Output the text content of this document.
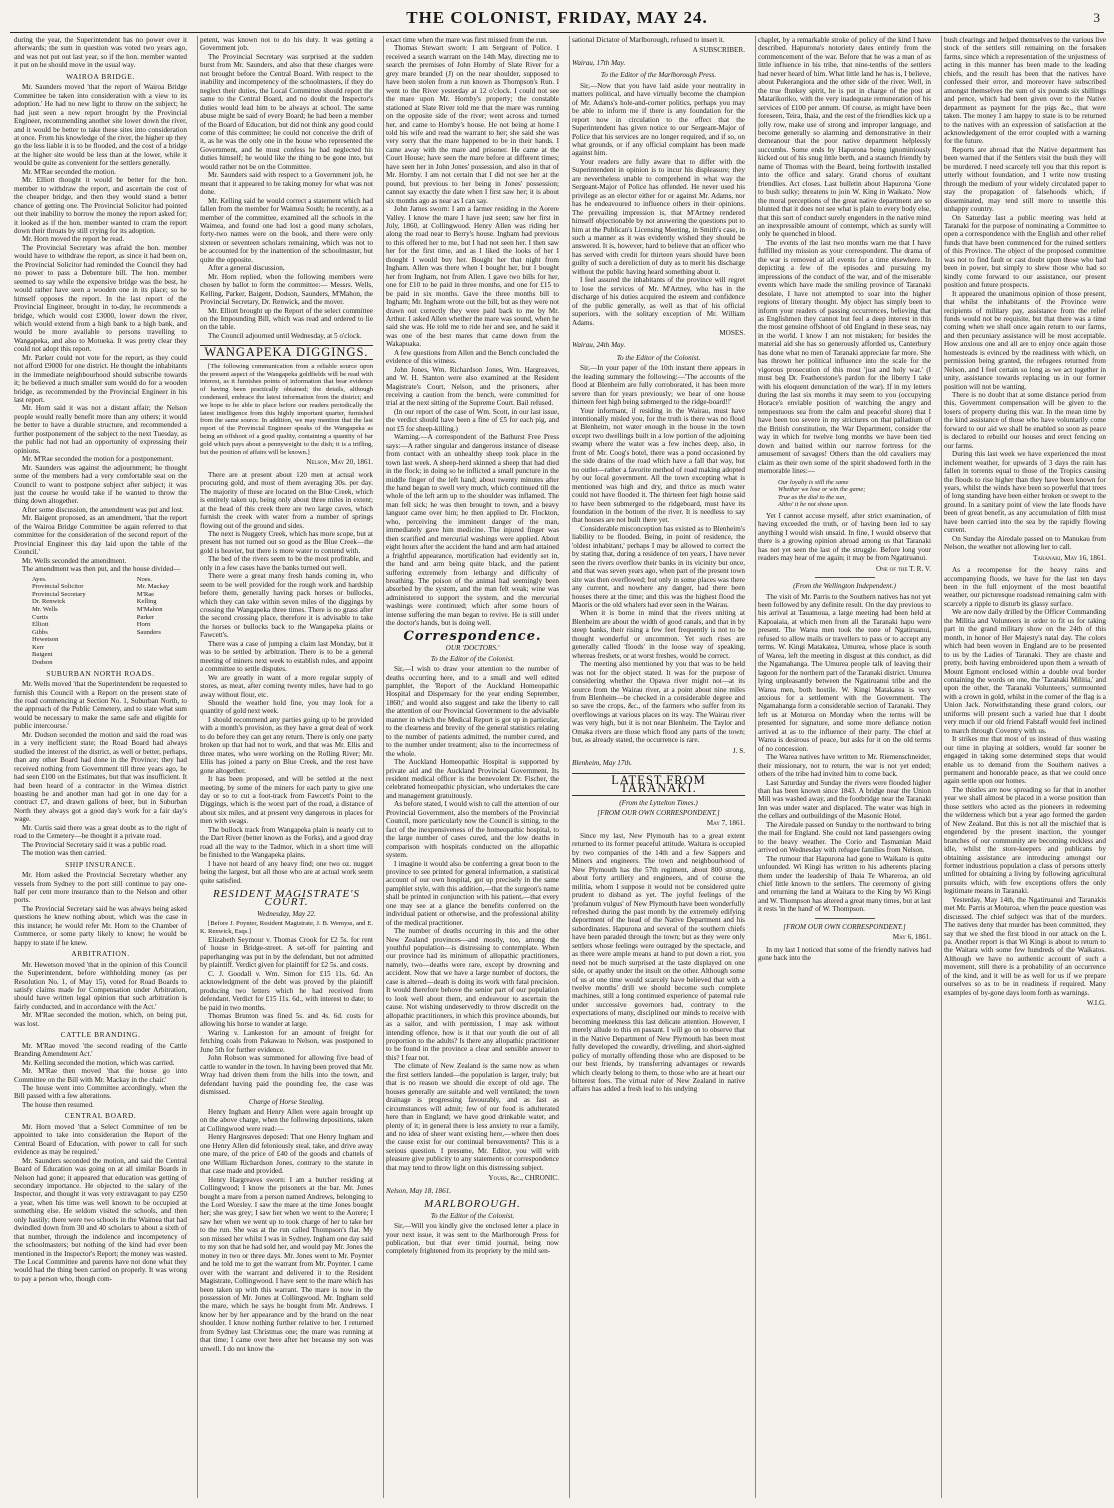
THE COLONIST, FRIDAY, MAY 24.	3

during the year, the Superintendent has no power over it afterwards; the sum in question was voted two years ago, and was not put out last year, so if the hon. member wanted it put on he should move in the usual way.

WAIROA BRIDGE.

Mr. Saunders moved 'that the report of Wairoa Bridge Committee be taken into consideration with a view to its adoption.' He had no new light to throw on the subject; he had just seen a new report brought by the Provincial Engineer, recommending another site lower down the river, and it would be better to take these sites into consideration at once. From his knowledge of the river, the higher up they go the less liable it is to be flooded, and the cost of a bridge at the higher site would be less than at the lower, while it would be quite as convenient for the settlers generally.

Mr. M'Rae seconded the motion.

Mr. Elliott thought it would be better for the hon. member to withdraw the report, and ascertain the cost of the cheaper bridge, and then they would stand a better chance of getting one. The Provincial Solicitor had pointed out their inability to borrow the money the report asked for; it looked as if the hon. member wanted to cram the report down their throats by still crying for its adoption.

Mr. Horn moved the report be read.

The Provincial Secretary was afraid the hon. member would have to withdraw the report, as since it had been on, the Provincial Solicitor had reminded the Council they had no power to pass a Debenture bill. The hon. member seemed to say while the expensive bridge was the best, he would rather have seen a wooden one in its place; so he himself opposes the report. In the last report of the Provincial Engineer, brought in to-day, he recommends a bridge, which would cost £3000, lower down the river, which would extend from a high bank to a high bank, and would be more available to persons travelling to Wangapeka, and also to Motueka. It was pretty clear they could not adopt this report.

Mr. Parker could not vote for the report, as they could not afford £9000 for one district. He thought the inhabitants in the immediate neighbourhood should subscribe towards it; he believed a much smaller sum would do for a wooden bridge, as recommended by the Provincial Engineer in his last report.

Mr. Horn said it was not a distant affair; the Nelson people would really benefit more than any others; it would be better to have a durable structure, and recommended a further postponement of the subject to the next Tuesday, as the public had not had an opportunity of expressing their opinions.

Mr. M'Rae seconded the motion for a postponement.

Mr. Saunders was against the adjournment; he thought some of the members had a very comfortable seat on the Council to want to postpone subject after subject; it was just the course he would take if he wanted to throw the thing down altogether.

After some discussion, the amendment was put and lost.

Mr. Baigent proposed, as an amendment, 'that the report of the Wairoa Bridge Committee be again referred to that committee for the consideration of the second report of the Provincial Engineer this day laid upon the table of the Council.'

Mr. Wells seconded the amendment.

The amendment was then put, and the house divided—

Ayes.
Provincial Solicitor
Provincial Secretary
Dr. Renwick
Mr. Wells
Curtis
Elliott
Gibbs
Hewetson
Kerr
Baigent
Dodson
Noes.
Mr. Mackay
M'Rae
Kelling
M'Mahon
Parker
Horn
Saunders
SUBURBAN NORTH ROADS.

Mr. Wells moved 'that the Superintendent be requested to furnish this Council with a Report on the present state of the road commencing at Section No. 1, Suburban North, to the approach of the Public Cemetery, and to state what sum would be necessary to make the same safe and eligible for public intercourse.'

Mr. Dodson seconded the motion and said the road was in a very inefficient state; the Road Board had always studied the interest of the district, as well or better, perhaps, than any other Board had done in the Province; they had received nothing from Government till three years ago, he had seen £100 on the Estimates, but that was insufficient. It had been heard of a contractor in the Wimea district boasting he and another man had got in one day for a contract £7, and drawn gallons of beer, but in Suburban North they always got a good day's work for a fair day's wage.

Mr. Curtis said there was a great doubt as to the right of road to the Cemetery—he thought it a private road.

The Provincial Secretary said it was a public road.

The motion was then carried.

SHIP INSURANCE.

Mr. Horn asked the Provincial Secretary whether any vessels from Sydney to the port still continue to pay one-half per cent more insurance than to the Nelson and other ports.

The Provincial Secretary said he was always being asked questions he knew nothing about, which was the case in this instance; he would refer Mr. Horn to the Chamber of Commerce, or some party likely to know; he would be happy to state if he knew.

ARBITRATION.

Mr. Hewetson moved 'that in the opinion of this Council the Superintendent, before withholding money (as per Resolution No. 1, of May 15), voted for Road Boards to satisfy claims made for Compensation under Arbitration, should have written legal opinion that such arbitration is fairly conducted, and in accordance with the Act.'

Mr. M'Rae seconded the motion, which, on being put, was lost.

CATTLE BRANDING.

Mr. M'Rae moved 'the second reading of the Cattle Branding Amendment Act.'

Mr. Kelling seconded the motion, which was carried.

Mr. M'Rae then moved 'that the house go into Committee on the Bill with Mr. Mackay in the chair.'

The house went into Committee accordingly, when the Bill passed with a few alterations.

The house then resumed.

CENTRAL BOARD.

Mr. Horn moved 'that a Select Committee of ten be appointed to take into consideration the Report of the Central Board of Education, with power to call for such evidence as may be required.'

Mr. Saunders seconded the motion, and said the Central Board of Education was going on at all similar Boards in Nelson had gone; it appeared that education was getting of secondary importance. He objected to the salary of the Inspector, and thought it was very extravagant to pay £250 a year, when his time was well known to be occupied at something else. He seldom visited the schools, and then only hastily; there were two schools in the Waimea that had dwindled down from 30 and 40 scholars to about a sixth of that number, through the indolence and incompetency of the schoolmasters; but nothing of the kind had ever been mentioned in the Inspector's Report; the money was wasted. The Local Committee and parents have not done what they would had the thing been carried on properly. It was wrong to pay a person who, though com-

petent, was known not to do his duty. It was getting a Government job.

The Provincial Secretary was surprised at the sudden burst from Mr. Saunders, and also that these charges were not brought before the Central Board. With respect to the inability and incompetency of the schoolmasters, if they do neglect their duties, the Local Committee should report the same to the Central Board, and no doubt the Inspector's duties would lead him to be always at school. The same abuse might be said of every Board; he had been a member of the Board of Education, but did not think any good could come of this committee; he could not conceive the drift of it, as he was the only one in the house who represented the Government, and he must confess he had neglected his duties himself; he would like the thing to be gone into, but would rather not be on the Committee.

Mr. Saunders said with respect to a Government job, he meant that it appeared to be taking money for what was not done.

Mr. Kelling said he would correct a statement which had fallen from the member for Waimea South; he recently, as a member of the committee, examined all the schools in the Waimea, and found one had lost a good many scholars, forty-two names were on the book, and there were only sixteen or seventeen scholars remaining, which was not to be accounted for by the inattention of the schoolmaster, but quite the opposite.

After a general discussion,

Mr. Horn replied, when the following members were chosen by ballot to form the committee:— Messrs. Wells, Kelling, Parker, Baigent, Dodson, Saunders, M'Mahon, the Provincial Secretary, Dr. Renwick, and the mover.

Mr. Elliott brought up the Report of the select committee on the Impounding Bill, which was read and ordered to lie on the table.

The Council adjourned until Wednesday, at 5 o'clock.

WANGAPEKA DIGGINGS.

[The following communication from a reliable source upon the present aspect of the Wangapeka goldfields will be read with interest, as it furnishes points of information that bear evidence of having been practically obtained; the details, although condensed, embrace the latest information from the district; and we hope to be able to place before our readers periodically the latest intelligence from this highly important quarter, furnished from the same source. In addition, we may mention that the last report of the Provincial Engineer speaks of the Wangapeka as being an offshoot of a good quality, containing a quantity of bar gold which pays about a pennyweight to the dish; it is a trifling, but the position of affairs will be known.]

Nelson, May 20, 1861.

There are at present about 120 men at actual work procuring gold, and most of them averaging 30s. per day. The majority of these are located on the Blue Creek, which is entirely taken up, being only about three miles in extent; at the head of this creek there are two large caves, which furnish the creek with water from a number of springs flowing out of the ground and sides.

The next is Nuggety Creek, which has more scope, but at present has not turned out so good as the Blue Creek—the gold is heavier, but there is more water to contend with.

The bed of the rivers seem to be the most profitable, and only in a few cases have the banks turned out well.

There were a great many fresh hands coming in, who seem to be well provided for the rough work and hardship before them, generally having pack horses or bullocks, which they can take within seven miles of the diggings by crossing the Wangapeka three times. There is no grass after the second crossing place, therefore it is advisable to take the horses or bullocks back to the Wangapeka plains or Fawcett's.

There was a case of jumping a claim last Monday, but it was to be settled by arbitration. There is to be a general meeting of miners next week to establish rules, and appoint a committee to settle disputes.

We are greatly in want of a more regular supply of stores, as meat, after coming twenty miles, have had to go away without flour, etc.

Should the weather hold fine, you may look for a quantity of gold next week.

I should recommend any parties going up to be provided with a month's provision, as they have a great deal of work to do before they can get any return. There is only one party broken up that had not to work, and that was Mr. Ellis and three mates, who were working on the Rolling River; Mr. Ellis has joined a party on Blue Creek, and the rest have gone altogether.

It has been proposed, and will be settled at the next meeting, by some of the miners for each party to give one day or so to cut a foot-track from Fawcett's Point to the Diggings, which is the worst part of the road, a distance of about six miles, and at present very dangerous in places for men with swags.

The bullock track from Wangapeka plain is nearly cut to the Dart River (better known as the Forks), and a good dray road all the way to the Tadmor, which in a short time will be finished to the Wangapeka plains.

I have not heard of any heavy find; one two oz. nugget being the largest, but all those who are at actual work seem quite satisfied.

RESIDENT MAGISTRATE'S COURT.
Wednesday, May 22.

[Before J. Poynter, Resident Magistrate, J. B. Wemyss, and E. K. Renwick, Esqs.]

Elizabeth Seymour v. Thomas Crook for £2 5s. for rent of house in Bridge-street. A set-off for painting and paperhanging was put in by the defendant, but not admitted by plaintiff. Verdict given for plaintiff for £2 5s. and costs.

C. J. Goodall v. Wm. Simon for £15 11s. 6d. An acknowledgment of the debt was proved by the plaintiff producing two letters which he had received from defendant. Verdict for £15 11s. 6d., with interest to date; to be paid in two months.

Thomas Brunton was fined 5s. and 4s. 6d. costs for allowing his horse to wander at large.

Waring v. Lankeston for an amount of freight for fetching coals from Pakawau to Nelson, was postponed to June 5th for further evidence.

John Robson was summoned for allowing five head of cattle to wander in the town. In having been proved that Mr. Wray had driven them from the hills into the town, and defendant having paid the pounding fee, the case was dismissed.

Charge of Horse Stealing.

Henry Ingham and Henry Allen were again brought up on the above charge, when the following depositions, taken at Collingwood were read:—

Henry Hargreaves deposed: That one Henry Ingham and one Henry Allen did feloniously steal, take, and drive away one mare, of the price of £40 of the goods and chattels of one William Richardson Jones, contrary to the statute in that case made and provided.

Henry Hargreaves sworn: I am a butcher residing at Collingwood; I know the prisoners at the bar. Mr. Jones bought a mare from a person named Andrews, belonging to the Lord Worsley. I saw the mare at the time Jones bought her; she was grey; I saw her when we went to the Aorere; I saw her when we went up to took charge of her to take her to the run. She was at the run called Thompson's flat. My son missed her whilst I was in Sydney. Ingham one day said to my son that he had sold her, and would pay Mr. Jones the money in two or three days. Mr. Jones went to Mr. Poynter and he told me to get the warrant from Mr. Poynter. I came over with the warrant and delivered it to the Resident Magistrate, Collingwood. I have sent to the mare which has been taken up with this warrant. The mare is now in the possession of Mr. Jones at Collingwood. Mr. Ingham sold the mare, which he says he bought from Mr. Andrews. I know her by her appearance and by the brand on the near shoulder. I know nothing further relative to her. I returned from Sydney last Christmas one; the mare was running at that time; I came over here after her because my son was unwell. I do not know the

exact time when the mare was first missed from the run.

Thomas Stewart sworn: I am Sergeant of Police. I received a search warrant on the 14th May, directing me to search the premises of John Hornby of Slate River for a grey mare branded (J) on the near shoulder, supposed to have been stolen from a run known as Thompson's Run. I went to the River yesterday at 12 o'clock. I could not see the mare upon Mr. Hornby's property; the constable stationed at Slate River told me that the mare was running on the opposite side of the river; went across and turned her, and came to Hornby's house. He not being at home I told his wife and read the warrant to her; she said she was very sorry that the mare happened to be in their hands. I came away with the mare and prisoner. He came at the Court House; have seen the mare before at different times; have seen her in John Jones' possession, and also in that of Mr. Hornby. I am not certain that I did not see her at the pound, but previous to her being in Jones' possession; cannot say exactly the date when I first saw her; it is about six months ago as near as I can say.

John James sworn: I am a farmer residing in the Aorere Valley. I know the mare I have just seen; saw her first in July, 1860, at Collingwood. Henry Allen was riding her along the road near to Berry's house. Ingham had previous to this offered her to me, but I had not seen her. I then saw her for the first time, and as I liked the looks of her I thought I would buy her. Bought her that night from Ingham. Allen was there when I bought her, but I bought her from Ingham, not from Allen. I gave two bills for her, one for £10 to be paid in three months, and one for £15 to be paid in six months. Gave the three months bill to Ingham; Mr. Ingham wrote out the bill, but as they were not drawn out correctly they were paid back to me by Mr. Arthur. I asked Allen whether the mare was sound, when he said she was. He told me to ride her and see, and he said it was one of the best mares that came down from the Wakapuaka.

A few questions from Allen and the Bench concluded the evidence of this witness.

John Jones, Wm. Richardson Jones, Wm. Hargreaves, and W. H. Stanton were also examined at the Resident Magistrate's Court, Nelson, and the prisoners, after receiving a caution from the bench, were committed for trial at the next sitting of the Supreme Court. Bail refused.

(In our report of the case of Wm. Scott, in our last issue, the verdict should have been a fine of £5 for each pig, and not £5 for sheep-killing.)

Warning.—A correspondent of the Bathurst Free Press says:—A rather singular and dangerous instance of disease from contact with an unhealthy sheep took place in the town last week. A sheep-herd skinned a sheep that had died in the flock; in doing so he inflicted a small puncture in the middle finger of the left hand; about twenty minutes after the hand began to swell very much, which continued till the whole of the left arm up to the shoulder was inflamed. The man fell sick; he was then brought to town, and a heavy languor came over him; he then applied to Dr. Flockton, who, perceiving the imminent danger of the man, immediately gave him medicine. The injured finger was then scarified and mercurial washings were applied. About eight hours after the accident the hand and arm had attained a frightful appearance, mortification had evidently set in, the hand and arm being quite black, and the patient suffering extremely from lethargy and difficulty of breathing. The poison of the animal had seemingly been absorbed by the system, and the man felt weak; wine was administered to support the system, and the mercurial washings were continued; which after some hours of intense suffering the man began to revive. He is still under the doctor's hands, but is doing well.

Correspondence.
OUR 'DOCTORS.'
To the Editor of the Colonist.

Sir,—I wish to draw your attention to the number of deaths occurring here, and to a small and well edited pamphlet, the 'Report of the Auckland Homeopathic Hospital and Dispensary for the year ending September, 1860;' and would also suggest and take the liberty to call the attention of our Provincial Government to the advisable manner in which the Medical Report is got up in particular, to the clearness and brevity of the general statistics relating to the number of patients admitted, the number cured, and to the number under treatment; also to the incorrectness of the whole.

The Auckland Homeopathic Hospital is supported by private aid and the Auckland Provincial Government. Its resident medical officer is the benevolent Dr. Fischer, the celebrated homeopathic physician, who undertakes the care and management gratuitously.

As before stated, I would wish to call the attention of our Provincial Government, also the members of the Provincial Council, more particularly now the Council is sitting, to the fact of the inexpensiveness of the homeopathic hospital, to the large number of cases cured, and the low deaths in comparison with hospitals conducted on the allopathic system.

I imagine it would also be conferring a great boon to the province to see printed for general information, a statistical account of our own hospital, got up precisely in the same pamphlet style, with this addition,—that the surgeon's name shall be printed in conjunction with his patient,—that every one may see at a glance the benefits conferred on the individual patient or otherwise, and the professional ability of the medical practitioner.

The number of deaths occurring in this and the other New Zealand provinces—and mostly, too, among the youthful population—is distressing to contemplate. When our province had its minimum of allopathic practitioners, namely, two—deaths were rare, except by drowning and accident. Now that we have a large number of doctors, the case is altered—death is doing its work with fatal precision. It would therefore behove the senior part of our population to look well about them, and endeavour to ascertain the cause. Not wishing undeservedly to throw discredit on the allopathic practitioners, in which this province abounds, but as a sailor, and with permission, I may ask without intending offence, how is it that our youth die out of all proportion to the adults? Is there any allopathic practitioner to be found in the province a clear and sensible answer to this? I fear not.

The climate of New Zealand is the same now as when the first settlers landed—the population is larger, truly; but that is no reason we should die except of old age. The houses generally are suitable and well ventilated; the town drainage is progressing favourably, and as fast as circumstances will admit; few of our food is adulterated here than in England; we have good drinkable water, and plenty of it; in general there is less anxiety to rear a family, and no idea of sheer want existing here,—where then does the cause exist for our continual bereavements? This is a serious question. I presume, Mr. Editor, you will with pleasure give publicity to any statements or correspondence that may tend to throw light on this distressing subject.

Yours, &c., CHRONIC.
Nelson, May 18, 1861.
MARLBOROUGH.
To the Editor of the Colonist.

Sir,—Will you kindly give the enclosed letter a place in your next issue, it was sent to the Marlborough Press for publication, but that ever timid journal, being now completely frightened from its propriety by the mild sen-

sational Dictator of Marlborough, refused to insert it.

A SUBSCRIBER.
Wairau, 17th May.
To the Editor of the Marlborough Press.

Sir,—Now that you have laid aside your neutrality in matters political, and have virtually become the champion of Mr. Adams's hole-and-corner politics, perhaps you may be able to inform me if there is any foundation for the report now in circulation to the effect that the Superintendent has given notice to our Sergeant-Major of Police that his services are no longer required, and if so, on what grounds, or if any official complaint has been made against him.

Your readers are fully aware that to differ with the Superintendent in opinion is to incur his displeasure; they are nevertheless unable to comprehend in what way the Sergeant-Major of Police has offended. He never used his privilege as an elector either for or against Mr. Adams, nor has he endeavoured to influence others in their opinions. The prevailing impression is, that M'Artney rendered himself objectionable by not answering the questions put to him at the Publican's Licensing Meeting, in Smith's case, in such a manner as it was evidently wished they should be answered. It is, however, hard to believe that an officer who has served with credit for thirteen years should have been guilty of such a dereliction of duty as to merit his discharge without the public having heard something about it.

I feel assured the inhabitants of the province will regret to lose the services of Mr. M'Artney, who has in the discharge of his duties acquired the esteem and confidence of the public generally, as well as that of his official superiors, with the solitary exception of Mr. William Adams.

MOSES.
Wairau, 24th May.
To the Editor of the Colonist.

Sir,—In your paper of the 10th instant there appears in the leading summary the following:—'The accounts of the flood at Blenheim are fully corroborated, it has been more severe than for years previously; we hear of one house thirteen feet high being submerged to the ridge-board!!'

Your informant, if residing in the Wairau, must have intentionally misled you, for the truth is there was no flood at Blenheim, not water enough in the house in the town except two dwellings built in a low portion of the adjoining swamp where the water was a few inches deep, also, in front of Mr. Coog's hotel, there was a pond occasioned by the side drains of the road which have a fall that way, but no outlet—rather a favorite method of road making adopted by our local government. All the town excepting what is mentioned was high and dry, and thrice as much water could not have flooded it. The thirteen feet high house said to have been submerged to the ridgeboard, must have its foundation in the bottom of the river. It is needless to say that houses are not built there yet.

Considerable misconception has existed as to Blenheim's liability to be flooded. Being, in point of residence, the 'oldest inhabitant,' perhaps I may be allowed to correct the by stating that, during a residence of ten years, I have never seen the rivers overflow their banks in its vicinity but once, and that was seven years ago, when part of the present town site was then overflowed; but only in some places was there any current, and nowhere any danger, had there been houses there at the time; and this was the highest flood the Maoris or the old whalers had ever seen in the Wairau.

When it is borne in mind that the rivers uniting at Blenheim are about the width of good canals, and that in by steep banks, their rising a few feet frequently is not to be thought wonderful or uncommon. Yet such rises are generally called 'floods' in the loose way of speaking, whereas freshets, or at worst freshes, would be correct.

The meeting also mentioned by you that was to be held was not for the object stated. It was for the purpose of considering whether the Opawa river might not—at its source from the Wairau river, at a point about nine miles from Blenheim—be checked in a considerable degree and so save the crops, &c., of the farmers who suffer from its overflowings at various places on its way. The Wairau river was very high, but it is not near Blenheim. The Taylor and Omaka rivers are those which flood any parts of the town; but, as already stated, the occurrence is rare.

J. S.
Blenheim, May 17th.
LATEST FROM TARANAKI.
(From the Lyttelton Times.)
[FROM OUR OWN CORRESPONDENT.]
May 7, 1861.

Since my last, New Plymouth has to a great extent returned to its former peaceful attitude. Waitara is occupied by two companies of the 14th and a few Sappers and Miners and engineers. The town and neighbourhood of New Plymouth has the 57th regiment, about 800 strong, about forty artillery and engineers, and of course the militia, whom I suppose it would not be considered quite prudent to disband as yet. The joyful feelings of the 'profanum vulgus' of New Plymouth have been wonderfully refreshed during the past month by the extremely edifying deportment of the head of the Native Department and his subordinates. Hapurona and several of the southern chiefs have been paraded through the town; but as they were only settlers whose feelings were outraged by the spectacle, and as there were ample means at hand to put down a riot, you need not be much surprised at the taste displayed on one side, or apathy under the insult on the other. Although some of us at one time would scarcely have believed that with a twelve months' drill we should become such complete machines, still a long continued experience of paternal rule under successive governors had, contrary to the expectations of many, disciplined our minds to receive with becoming meekness this last delicate attention. However, I merely allude to this en passant. I will go on to observe that in the Native Department of New Plymouth has been most fully developed the cowardly, drivelling, and short-sighted policy of mortally offending those who are disposed to be our best friends, by transferring advantages or rewards which clearly belong to them, to those who are at heart our bitterest foes. The virtual ruler of New Zealand in native affairs has added a fresh leaf to his undying

chaplet, by a remarkable stroke of policy of the kind I have described. Hapurona's notoriety dates entirely from the commencement of the war. Before that he was a man of as little influence in his tribe, that nine-tenths of the settlers had never heard of him. What little land he has is, I believe, about Pukerangiora and the other side of the river. Well, in the true flunkey spirit, he is put in charge of the post at Matarikoriko, with the very inadequate remuneration of his services of £100 per annum. Of course, as might have been foreseen, Teira, Ihaia, and the rest of the friendlies kick up a jolly row, make use of strong and improper language, and become generally so alarming and demonstrative in their demeanour that the poor native department helplessly succumbs. Some ends by Hapurona being ignominiously kicked out of his snug little berth, and a staunch friendly by name of Thomas with the Beard, being forthwith installed into the office and salary. Grand chorus of exultant friendlies. Act closes. Last bulletin about Hapurona 'Gone to bush sulky; threatens to join W. King in Waikato.' Now the moral perceptions of the great native department are so blunted that it does not see what is plain to every body else, that this sort of conduct surely engenders in the native mind an inexpressible amount of contempt, which as surely will only be quenched in blood.

The events of the last two months warn me that I have fulfilled my mission as your correspondent. The drama of the war is removed at all events for a time elsewhere. In depicting a few of the episodes and pursuing my impressions of the conduct of the war, and of the miserable events which have made the smiling province of Taranaki desolate, I have not attempted to soar into the higher regions of literary thought. My object has simply been to inform your readers of passing occurrences, believing that as Englishmen they cannot but feel a deep interest in this the most genuine offshoot of old England in these seas, nay in the world. I know I am not mistaken; for besides the material aid she has so generously afforded us, Canterbury has done what no men of Taranaki appreciate far more. She has thrown her political influence into the scale for the vigorous prosecution of this most 'just and holy war.' (I must beg Dr. Featherstone's pardon for the liberty I take with his eloquent denunciation of the war). If in my letters during the last six months it may seem to you (occupying Horace's enviable position of watching the angry and tempestuous sea from the calm and peaceful shore) that I have been too severe in my strictures on that palladium of the British constitution, the War Department, consider the way in which for twelve long months we have been tied down and baited within our narrow fortress for the amusement of savages! Others than the old cavaliers may claim as their own some of the spirit shadowed forth in the memorable lines:—

Our loyalty is still the same
Whether we lose or win the game;
True as the dial to the sun,
Altho' it be not shone upon.

Yet I cannot accuse myself, after strict examination, of having exceeded the truth, or of having been led to say anything I would wish unsaid. In fine, I would observe that there is a growing opinion abroad among us that Taranaki has not yet seen the last of the struggle. Before long your readers may hear of me again; it may be from Ngatiruanui.

One of the T. R. V.
(From the Wellington Independent.)

The visit of Mr. Parris to the Southern natives has not yet been followed by any definite result. On the day previous to his arrival at Tauamoua, a large meeting had been held at Kapoaiaia, at which men from all the Taranaki hapu were present. The Warea men took the tone of Ngatiruanui, refused to allow mails or travellers to pass or to accept any terms. W. Kingi Matakatea, Umurea, whose place is south of Warea, left the meeting in disgust at this conduct, as did the Ngamahanga. The Umurea people talk of leaving their lagoon for the northern part of the Taranaki district. Umurea lying unpleasantly between the Ngatiruanui tribe and the Warea men, both hostile. W. Kingi Matakatea is very anxious for a settlement with the Government. The Ngamahanga form a considerable section of Taranaki. They left us at Moturoa on Monday when the terms will be presented for signature, and some more defiance notion arrived at as to the influence of their party. The chief at Warea is desirous of peace, but asks for it on the old terms of no concession.

The Warea natives have written to Mr. Riemenschneider, their missionary, not to return, the war is not yet ended; others of the tribe had invited him to come back.

Last Saturday and Sunday the rivers were flooded higher than has been known since 1843. A bridge near the Union Mill was washed away, and the footbridge near the Taranaki Inn was under water and displaced. The water was high in the cellars and outbuildings of the Masonic Hotel.

The Airedale passed on Sunday to the northward to bring the mail for England. She could not land passengers owing to the heavy weather. The Corio and Tasmanian Maid arrived on Wednesday with refugee families from Nelson.

The rumour that Hapurona had gone to Waikato is quite unfounded. Wi Kingi has written to his adherents placing them under the leadership of Ihaia Te Whareroa, an old chief little known to the settlers. The ceremony of giving and returning the land at Waitara to the King by Wi Kingi and W. Thompson has altered a great many times, but at last it rests 'in the hand' of W. Thompson.

[FROM OUR OWN CORRESPONDENT.]
May 6, 1861.

In my last I noticed that some of the friendly natives had gone back into the

bush clearings and helped themselves to the various live stock of the settlers still remaining on the forsaken farms, since which a representation of the unjustness of acting in this manner has been made to the leading chiefs, and the result has been that the natives have confessed their error, and moreover have subscribed amongst themselves the sum of six pounds six shillings and pence, which had been given over to the Native department as payment for the pigs &c., that were taken. The money I am happy to state is to be returned to the natives with an expression of satisfaction at the acknowledgement of the error coupled with a warning for the future.

Reports are abroad that the Native department has been warned that if the Settlers visit the bush they will be murdered. I need scarcely tell you that this report is utterly without foundation, and I write now trusting through the medium of your widely circulated paper to stay the propagation of falsehoods which, if disseminated, may tend still more to unsettle this unhappy country.

On Saturday last a public meeting was held at Taranaki for the purpose of nominating a Committee to open a correspondence with the English and other relief funds that have been commenced for the ruined settlers of this Province. The object of the proposed committee was not to find fault or cast doubt upon those who had been in power, but simply to shew those who had so kindly come forward to our assistance, our present position and future prospects.

It appeared the unanimous opinion of those present, that whilst the inhabitants of the Province were recipients of military pay, assistance from the relief funds would not be requisite, but that there was a time coming when we shall once again return to our farms, and then pecuniary assistance will be most acceptable. How anxious one and all are to enjoy once again those homesteads is evinced by the readiness with which, on permission being granted, the refugees returned from Nelson, and I feel certain so long as we act together in unity, assistance towards replacing us in our former position will not be wanting.

There is no doubt that at some distance period from this, Government compensation will be given to the losers of property during this war. In the mean time by the kind assistance of those who have voluntarily come forward to our aid we shall be enabled so soon as peace is declared to rebuild our houses and erect fencing on our farms.

During this last week we have experienced the most inclement weather, for upwards of 3 days the rain has fallen in torrents equal to those of the Tropics causing the floods to rise higher than they have been known for years, whilst the winds have been so powerful that trees of long standing have been either broken or swept to the ground. In a sanitary point of view the late floods have been of great benefit, as any accumulation of filth must have been carried into the sea by the rapidly flowing current.

On Sunday the Airedale passed on to Manukau from Nelson, the weather not allowing her to call.

Taranaki, May 16, 1861.

As a recompense for the heavy rains and accompanying floods, we have for the last ten days been in the full enjoyment of the most beautiful weather, our picturesque roadstead remaining calm with scarcely a ripple to disturb its glassy surface.

We are now daily drilled by the Officer Commanding the Militia and Volunteers in order to fit us for taking part in the grand military show on the 24th of this month, in honor of Her Majesty's natal day. The colors which had been woven in England are to be presented to us by the Ladies of Taranaki. They are chaste and pretty, both having embroidered upon them a wreath of Mount Egmont enclosed within a double oval border containing the words on one, the 'Taranaki Militia,' and upon the other, the 'Taranaki Volunteers,' surmounted with a crown in gold, whilst in the corner of the flag is a Union Jack. Notwithstanding these grand colors, our uniforms will present such a varied hue that I doubt very much if our old friend Falstaff would feel inclined to march through Coventry with us.

It strikes me that most of us instead of thus wasting our time in playing at soldiers, would far sooner be engaged in taking some determined steps that would enable us to demand from the Southern natives a permanent and honorable peace, as that we could once again settle upon our homes.

The thistles are now spreading so far that in another year we shall almost be placed in a worse position than those settlers who acted as the pioneers in redeeming the wilderness which but a year ago formed the garden of New Zealand. But this is not all the mischief that is engendered by the present inaction, the younger branches of our community are becoming reckless and idle, whilst the store-keepers and publicans by obtaining assistance are introducing amongst our former industrious population a class of persons utterly unfitted for obtaining a living by following agricultural pursuits which, with few exceptions offers the only legitimate means in Taranaki.

Yesterday, May 14th, the Ngatiruanui and Taranakis met Mr. Parris at Moturoa, when the peace question was discussed. The chief subject was that of the murders. The natives deny that murder has been committed, they say that we shed the first blood in our attack on the L pa. Another report is that Wi Kingi is about to return to the Waitara with some few hundreds of the Waikatos. Although we have no authentic account of such a movement, still there is a probability of an occurrence of the kind, and it will be as well for us if we prepare ourselves so as to be in readiness if required. Many examples of by-gone days loom forth as warnings.

W.I.G.
